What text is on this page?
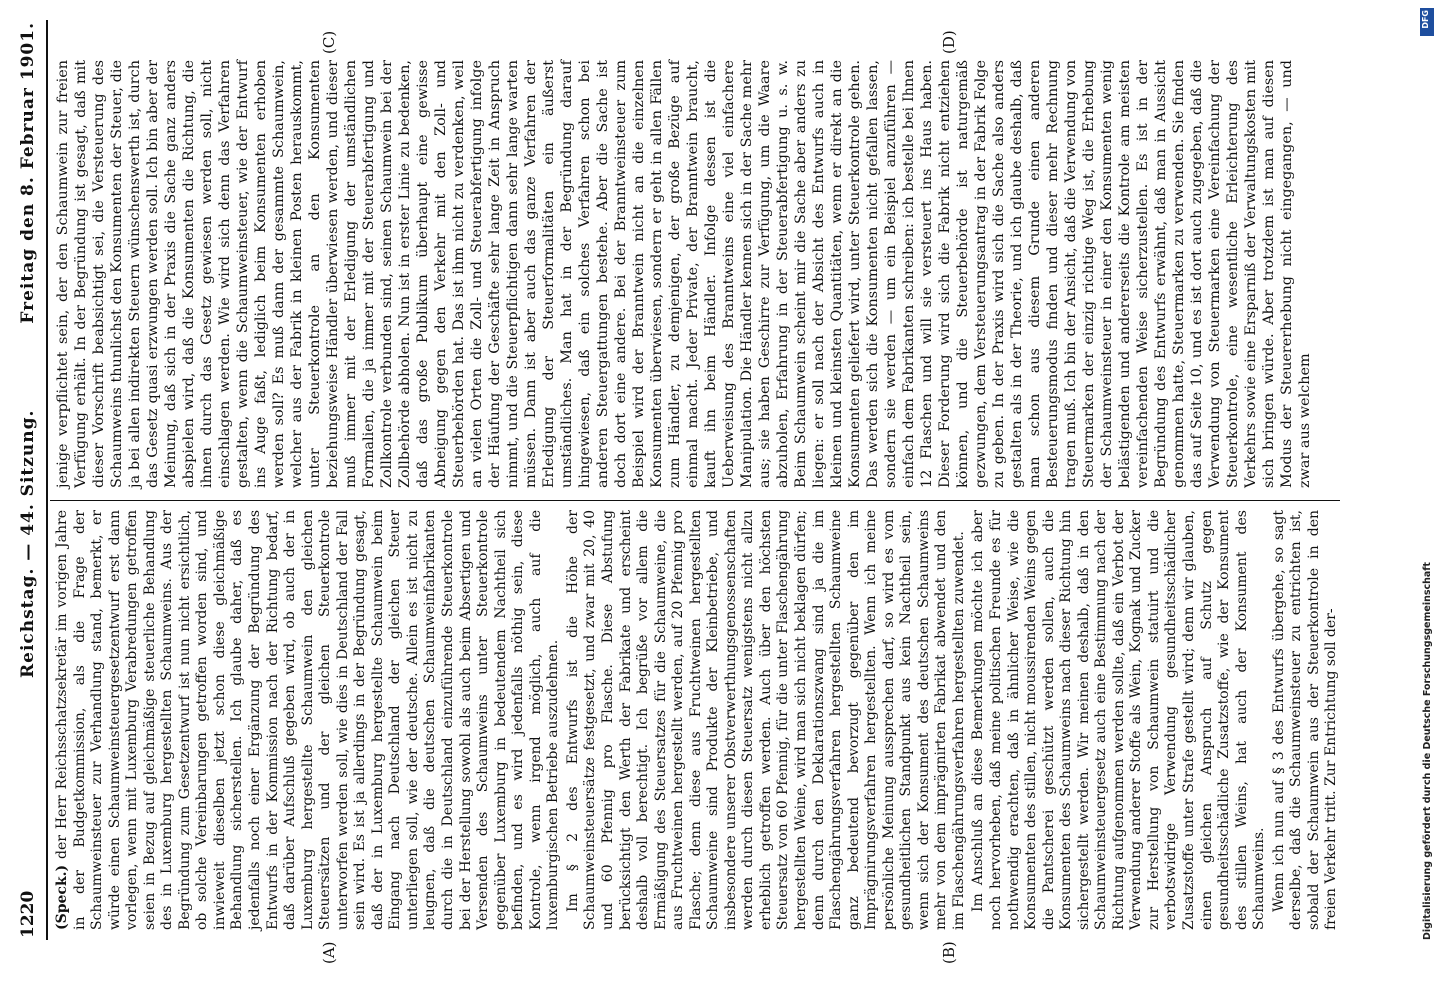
1220
Reichstag. — 44. Sitzung.
Freitag den 8. Februar 1901.
(A)	(B)
(C)	(D)

(Speck.) der Herr Reichsschatzsekretär im vorigen Jahre in der Budgetkommission, als die Frage der Schaumweinsteuer zur Verhandlung stand, bemerkt, er würde einen Schaumweinsteuergesetzentwurf erst dann vorlegen, wenn mit Luxemburg Verabredungen getroffen seien in Bezug auf gleichmäßige steuerliche Behandlung des in Luxemburg hergestellten Schaumweins. Aus der Begründung zum Gesetzentwurf ist nun nicht ersichtlich, ob solche Vereinbarungen getroffen worden sind, und inwieweit dieselben jetzt schon diese gleichmäßige Behandlung sicherstellen. Ich glaube daher, daß es jedenfalls noch einer Ergänzung der Begründung des Entwurfs in der Kommission nach der Richtung bedarf, daß darüber Aufschluß gegeben wird, ob auch der in Luxemburg hergestellte Schaumwein den gleichen Steuersätzen und der gleichen Steuerkontrole unterworfen werden soll, wie dies in Deutschland der Fall sein wird. Es ist ja allerdings in der Begründung gesagt, daß der in Luxemburg hergestellte Schaumwein beim Eingang nach Deutschland der gleichen Steuer unterliegen soll, wie der deutsche. Allein es ist nicht zu leugnen, daß die deutschen Schaumweinfabrikanten durch die in Deutschland einzuführende Steuerkontrole bei der Herstellung sowohl als auch beim Absertigen und Versenden des Schaumweins unter Steuerkontrole gegenüber Luxemburg in bedeutendem Nachtheil sich befinden, und es wird jedenfalls nöthig sein, diese Kontrole, wenn irgend möglich, auch auf die luxemburgischen Betriebe auszudehnen. Im § 2 des Entwurfs ist die Höhe der Schaumweinsteuersätze festgesetzt, und zwar mit 20, 40 und 60 Pfennig pro Flasche. Diese Abstufung berücksichtigt den Werth der Fabrikate und erscheint deshalb voll berechtigt. Ich begrüße vor allem die Ermäßigung des Steuersatzes für die Schaumweine, die aus Fruchtweinen hergestellt werden, auf 20 Pfennig pro Flasche; denn diese aus Fruchtweinen hergestellten Schaumweine sind Produkte der Kleinbetriebe, und insbesondere unserer Obstverwerthungsgenossenschaften werden durch diesen Steuersatz wenigstens nicht allzu erheblich getroffen werden. Auch über den höchsten Steuersatz von 60 Pfennig, für die unter Flaschengährung hergestellten Weine, wird man sich nicht beklagen dürfen; denn durch den Deklarationszwang sind ja die im Flaschengährungsverfahren hergestellten Schaumweine ganz bedeutend bevorzugt gegenüber den im Imprägnirungsverfahren hergestellten. Wenn ich meine persönliche Meinung aussprechen darf, so wird es vom gesundheitlichen Standpunkt aus kein Nachtheil sein, wenn sich der Konsument des deutschen Schaumweins mehr von dem imprägnirten Fabrikat abwendet und den im Flaschengährungsverfahren hergestellten zuwendet. Im Anschluß an diese Bemerkungen möchte ich aber noch hervorheben, daß meine politischen Freunde es für nothwendig erachten, daß in ähnlicher Weise, wie die Konsumenten des stillen, nicht moussirenden Weins gegen die Pantscherei geschützt werden sollen, auch die Konsumenten des Schaumweins nach dieser Richtung hin sichergestellt werden. Wir meinen deshalb, daß in den Schaumweinsteuergesetz auch eine Bestimmung nach der Richtung aufgenommen werden sollte, daß ein Verbot der Verwendung anderer Stoffe als Wein, Kognak und Zucker zur Herstellung von Schaumwein statuirt und die verbotswidrige Verwendung gesundheitsschädlicher Zusatzstoffe unter Strafe gestellt wird; denn wir glauben, einen gleichen Anspruch auf Schutz gegen gesundheitsschädliche Zusatzstoffe, wie der Konsument des stillen Weins, hat auch der Konsument des Schaumweins. Wenn ich nun auf § 3 des Entwurfs übergehe, so sagt derselbe, daß die Schaumweinsteuer zu entrichten ist, sobald der Schaumwein aus der Steuerkontrole in den freien Verkehr tritt. Zur Entrichtung soll der-

jenige verpflichtet sein, der den Schaumwein zur freien Verfügung erhält. In der Begründung ist gesagt, daß mit dieser Vorschrift beabsichtigt sei, die Versteuerung des Schaumweins thunlichst den Konsumenten der Steuer, die ja bei allen indirekten Steuern wünschenswerth ist, durch das Gesetz quasi erzwungen werden soll. Ich bin aber der Meinung, daß sich in der Praxis die Sache ganz anders abspielen wird, daß die Konsumenten die Richtung, die ihnen durch das Gesetz gewiesen werden soll, nicht einschlagen werden. Wie wird sich denn das Verfahren gestalten, wenn die Schaumweinsteuer, wie der Entwurf ins Auge faßt, lediglich beim Konsumenten erhoben werden soll? Es muß dann der gesammte Schaumwein, welcher aus der Fabrik in kleinen Posten herauskommt, unter Steuerkontrole an den Konsumenten beziehungsweise Händler überwiesen werden, und dieser muß immer mit der Erledigung der umständlichen Formalien, die ja immer mit der Steuerabfertigung und Zollkontrole verbunden sind, seinen Schaumwein bei der Zollbehörde abholen. Nun ist in erster Linie zu bedenken, daß das große Publikum überhaupt eine gewisse Abneigung gegen den Verkehr mit den Zoll- und Steuerbehörden hat. Das ist ihm nicht zu verdenken, weil an vielen Orten die Zoll- und Steuerabfertigung infolge der Häufung der Geschäfte sehr lange Zeit in Anspruch nimmt, und die Steuerpflichtigen dann sehr lange warten müssen. Dann ist aber auch das ganze Verfahren der Erledigung der Steuerformalitäten ein äußerst umständliches. Man hat in der Begründung darauf hingewiesen, daß ein solches Verfahren schon bei anderen Steuergattungen bestehe. Aber die Sache ist doch dort eine andere. Bei der Branntweinsteuer zum Beispiel wird der Branntwein nicht an die einzelnen Konsumenten überwiesen, sondern er geht in allen Fällen zum Händler, zu demjenigen, der große Bezüge auf einmal macht. Jeder Private, der Branntwein braucht, kauft ihn beim Händler. Infolge dessen ist die Ueberweisung des Branntweins eine viel einfachere Manipulation. Die Händler kennen sich in der Sache mehr aus; sie haben Geschirre zur Verfügung, um die Waare abzuholen, Erfahrung in der Steuerabfertigung u. s. w. Beim Schaumwein scheint mir die Sache aber anders zu liegen: er soll nach der Absicht des Entwurfs auch in kleinen und kleinsten Quantitäten, wenn er direkt an die Konsumenten geliefert wird, unter Steuerkontrole gehen. Das werden sich die Konsumenten nicht gefallen lassen, sondern sie werden — um ein Beispiel anzuführen — einfach dem Fabrikanten schreiben: ich bestelle bei Ihnen 12 Flaschen und will sie versteuert ins Haus haben. Dieser Forderung wird sich die Fabrik nicht entziehen können, und die Steuerbehörde ist naturgemäß gezwungen, dem Versteuerungsantrag in der Fabrik Folge zu geben. In der Praxis wird sich die Sache also anders gestalten als in der Theorie, und ich glaube deshalb, daß man schon aus diesem Grunde einen anderen Besteuerungsmodus finden und dieser mehr Rechnung tragen muß. Ich bin der Ansicht, daß die Verwendung von Steuermarken der einzig richtige Weg ist, die Erhebung der Schaumweinsteuer in einer den Konsumenten wenig belästigenden und andererseits die Kontrole am meisten vereinfachenden Weise sicherzustellen. Es ist in der Begründung des Entwurfs erwähnt, daß man in Aussicht genommen hatte, Steuermarken zu verwenden. Sie finden das auf Seite 10, und es ist dort auch zugegeben, daß die Verwendung von Steuermarken eine Vereinfachung der Steuerkontrole, eine wesentliche Erleichterung des Verkehrs sowie eine Ersparniß der Verwaltungskosten mit sich bringen würde. Aber trotzdem ist man auf diesen Modus der Steuererhebung nicht eingegangen, — und zwar aus welchem

Digitalisierung gefördert durch die Deutsche Forschungsgemeinschaft
DFG
